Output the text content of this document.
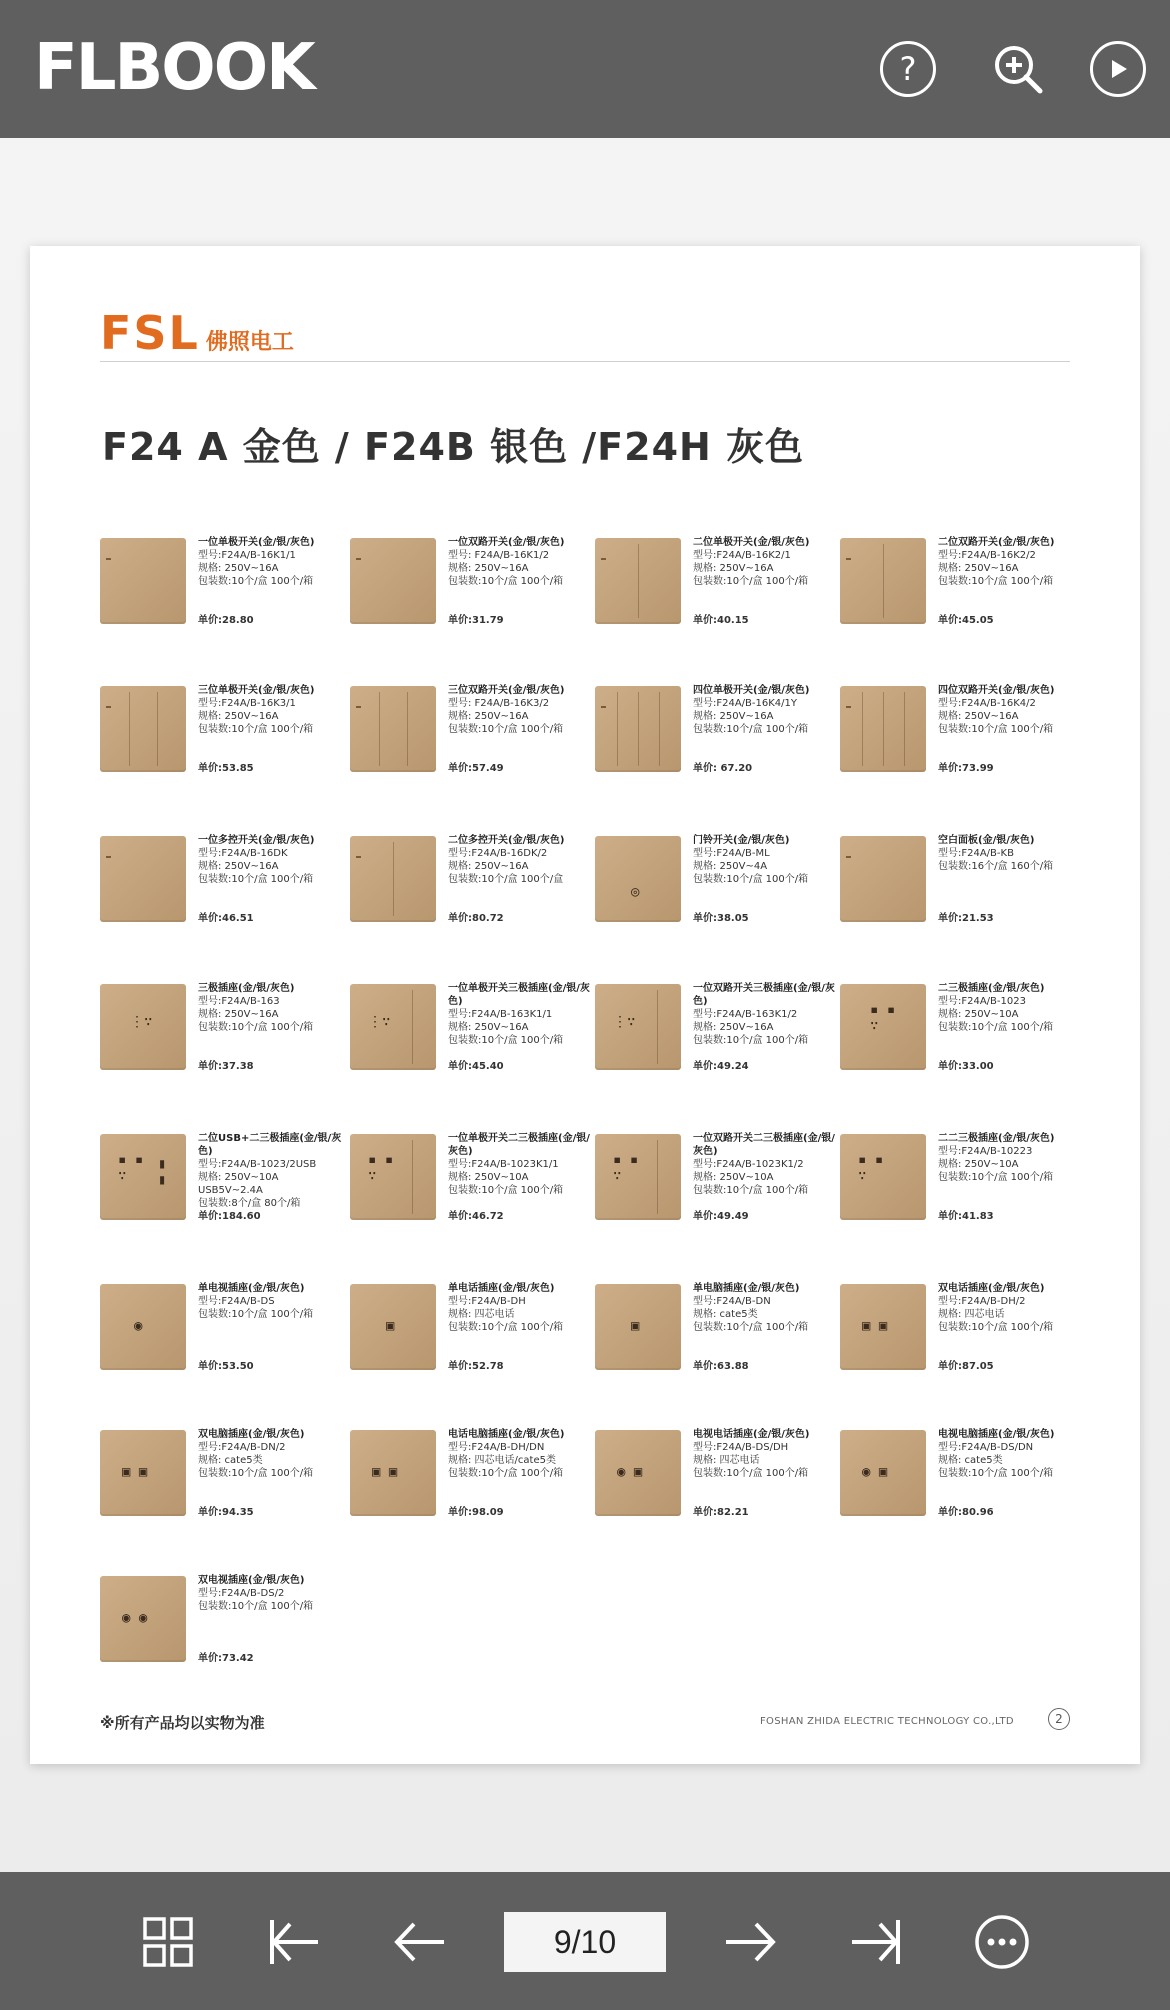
FLBOOK	?
FSL 佛照电工
F24 A 金色 / F24B 银色 /F24H 灰色
一位单极开关(金/银/灰色)
型号:F24A/B-16K1/1
规格: 250V~16A
包装数:10个/盒 100个/箱
单价:28.80
一位双路开关(金/银/灰色)
型号: F24A/B-16K1/2
规格: 250V~16A
包装数:10个/盒 100个/箱
单价:31.79
二位单极开关(金/银/灰色)
型号:F24A/B-16K2/1
规格: 250V~16A
包装数:10个/盒 100个/箱
单价:40.15
二位双路开关(金/银/灰色)
型号:F24A/B-16K2/2
规格: 250V~16A
包装数:10个/盒 100个/箱
单价:45.05
三位单极开关(金/银/灰色)
型号:F24A/B-16K3/1
规格: 250V~16A
包装数:10个/盒 100个/箱
单价:53.85
三位双路开关(金/银/灰色)
型号: F24A/B-16K3/2
规格: 250V~16A
包装数:10个/盒 100个/箱
单价:57.49
四位单极开关(金/银/灰色)
型号:F24A/B-16K4/1Y
规格: 250V~16A
包装数:10个/盒 100个/箱
单价: 67.20
四位双路开关(金/银/灰色)
型号:F24A/B-16K4/2
规格: 250V~16A
包装数:10个/盒 100个/箱
单价:73.99
一位多控开关(金/银/灰色)
型号:F24A/B-16DK
规格: 250V~16A
包装数:10个/盒 100个/箱
单价:46.51
二位多控开关(金/银/灰色)
型号:F24A/B-16DK/2
规格: 250V~16A
包装数:10个/盒 100个/盒
单价:80.72
◎
门铃开关(金/银/灰色)
型号:F24A/B-ML
规格: 250V~4A
包装数:10个/盒 100个/箱
单价:38.05
空白面板(金/银/灰色)
型号:F24A/B-KB
包装数:16个/盒 160个/箱
单价:21.53
⋮∵
三极插座(金/银/灰色)
型号:F24A/B-163
规格: 250V~16A
包装数:10个/盒 100个/箱
单价:37.38
⋮∵
一位单极开关三极插座(金/银/灰色)
型号:F24A/B-163K1/1
规格: 250V~16A
包装数:10个/盒 100个/箱
单价:45.40
⋮∵
一位双路开关三极插座(金/银/灰色)
型号:F24A/B-163K1/2
规格: 250V~16A
包装数:10个/盒 100个/箱
单价:49.24
▪ ▪
∵
二三极插座(金/银/灰色)
型号:F24A/B-1023
规格: 250V~10A
包装数:10个/盒 100个/箱
单价:33.00
▪ ▪
∵
▮
▮
二位USB+二三极插座(金/银/灰色)
型号:F24A/B-1023/2USB
规格: 250V~10A USB5V~2.4A
包装数:8个/盒 80个/箱
单价:184.60
▪ ▪
∵
一位单极开关二三极插座(金/银/灰色)
型号:F24A/B-1023K1/1
规格: 250V~10A
包装数:10个/盒 100个/箱
单价:46.72
▪ ▪
∵
一位双路开关二三极插座(金/银/灰色)
型号:F24A/B-1023K1/2
规格: 250V~10A
包装数:10个/盒 100个/箱
单价:49.49
▪ ▪
∵
二二三极插座(金/银/灰色)
型号:F24A/B-10223
规格: 250V~10A
包装数:10个/盒 100个/箱
单价:41.83
◉
单电视插座(金/银/灰色)
型号:F24A/B-DS
包装数:10个/盒 100个/箱
单价:53.50
▣
单电话插座(金/银/灰色)
型号:F24A/B-DH
规格: 四芯电话
包装数:10个/盒 100个/箱
单价:52.78
▣
单电脑插座(金/银/灰色)
型号:F24A/B-DN
规格: cate5类
包装数:10个/盒 100个/箱
单价:63.88
▣ ▣
双电话插座(金/银/灰色)
型号:F24A/B-DH/2
规格: 四芯电话
包装数:10个/盒 100个/箱
单价:87.05
▣ ▣
双电脑插座(金/银/灰色)
型号:F24A/B-DN/2
规格: cate5类
包装数:10个/盒 100个/箱
单价:94.35
▣ ▣
电话电脑插座(金/银/灰色)
型号:F24A/B-DH/DN
规格: 四芯电话/cate5类
包装数:10个/盒 100个/箱
单价:98.09
◉ ▣
电视电话插座(金/银/灰色)
型号:F24A/B-DS/DH
规格: 四芯电话
包装数:10个/盒 100个/箱
单价:82.21
◉ ▣
电视电脑插座(金/银/灰色)
型号:F24A/B-DS/DN
规格: cate5类
包装数:10个/盒 100个/箱
单价:80.96
◉ ◉
双电视插座(金/银/灰色)
型号:F24A/B-DS/2
包装数:10个/盒 100个/箱
单价:73.42
※所有产品均以实物为准	FOSHAN ZHIDA ELECTRIC TECHNOLOGY CO.,LTD	2
9/10
